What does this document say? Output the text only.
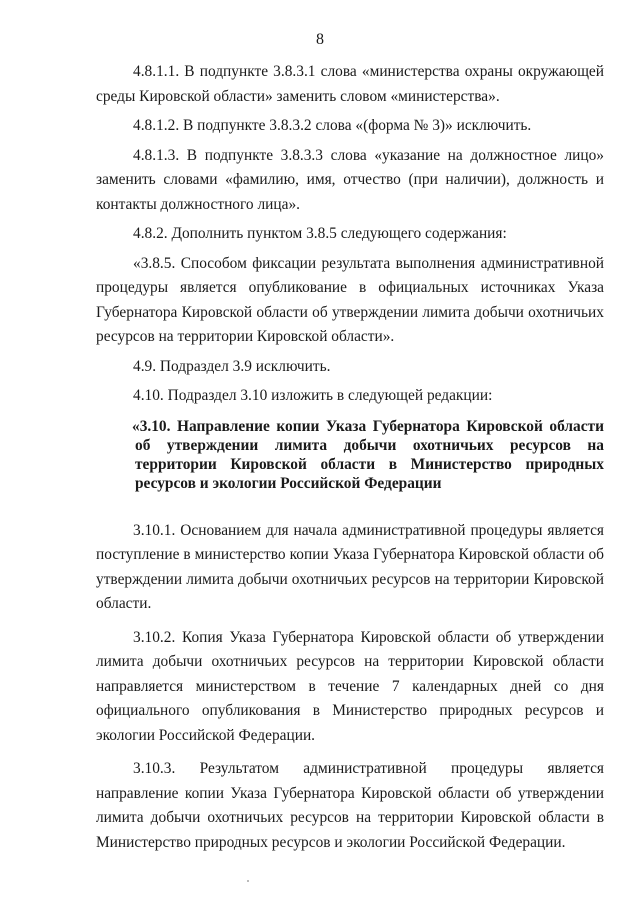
8

4.8.1.1. В подпункте 3.8.3.1 слова «министерства охраны окружающей среды Кировской области» заменить словом «министерства».

4.8.1.2. В подпункте 3.8.3.2 слова «(форма № 3)» исключить.

4.8.1.3. В подпункте 3.8.3.3 слова «указание на должностное лицо» заменить словами «фамилию, имя, отчество (при наличии), должность и контакты должностного лица».

4.8.2. Дополнить пунктом 3.8.5 следующего содержания:

«3.8.5. Способом фиксации результата выполнения административной процедуры является опубликование в официальных источниках Указа Губернатора Кировской области об утверждении лимита добычи охотничьих ресурсов на территории Кировской области».

4.9. Подраздел 3.9 исключить.

4.10. Подраздел 3.10 изложить в следующей редакции:

«3.10. Направление копии Указа Губернатора Кировской области об утверждении лимита добычи охотничьих ресурсов на территории Кировской области в Министерство природных ресурсов и экологии Российской Федерации

3.10.1. Основанием для начала административной процедуры является поступление в министерство копии Указа Губернатора Кировской области об утверждении лимита добычи охотничьих ресурсов на территории Кировской области.

3.10.2. Копия Указа Губернатора Кировской области об утверждении лимита добычи охотничьих ресурсов на территории Кировской области направляется министерством в течение 7 календарных дней со дня официального опубликования в Министерство природных ресурсов и экологии Российской Федерации.

3.10.3. Результатом административной процедуры является направление копии Указа Губернатора Кировской области об утверждении лимита добычи охотничьих ресурсов на территории Кировской области в Министерство природных ресурсов и экологии Российской Федерации.
